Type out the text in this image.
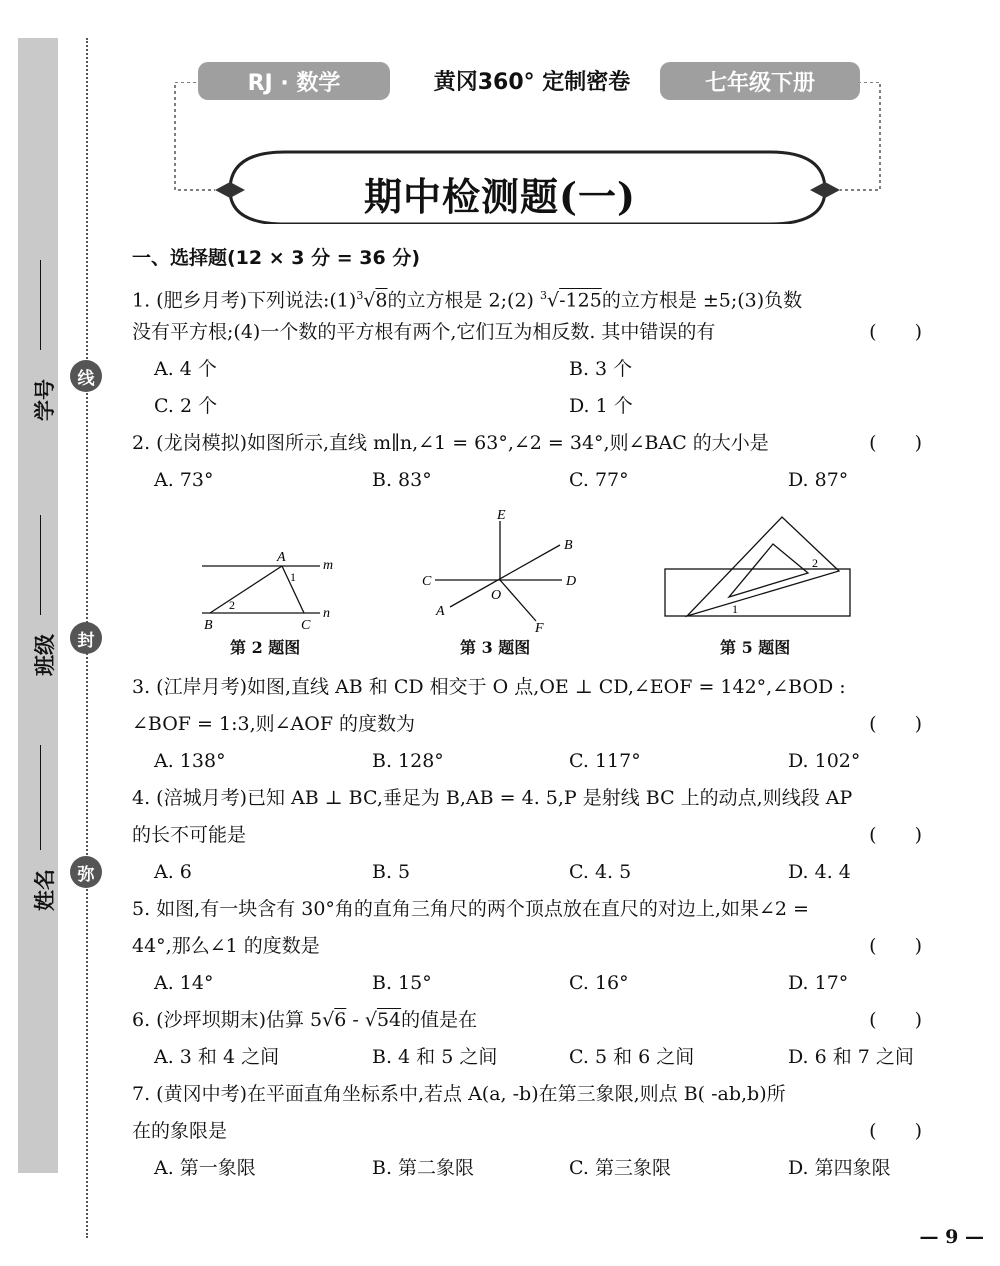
学号
班级
姓名
线
封
弥
RJ · 数学	黄冈360° 定制密卷	七年级下册
期中检测题(一)
一、选择题(12 × 3 分 = 36 分)
1. (肥乡月考)下列说法$:(1)^3√8$的立方根是 2;(2) $^3$√-125的立方根是 ±5;(3)负数
没有平方根;(4)一个数的平方根有两个,它们互为相反数. 其中错误的有	(　　)
A. 4 个	B. 3 个
C. 2 个	D. 1 个
2. (龙岗模拟)如图所示,直线 m∥n,∠1 = 63°,∠2 = 34°,则∠BAC 的大小是	(　　)
A. 73°	B. 83°	C. 77°	D. 87°
A
B	C
m
n
1
2
E
B
C	D
O
A
F
1
2
第 2 题图	第 3 题图	第 5 题图
3. (江岸月考)如图,直线 AB 和 CD 相交于 O 点,OE ⊥ CD,∠EOF = 142°,∠BOD :
∠BOF = 1:3,则∠AOF 的度数为	(　　)
A. 138°	B. 128°	C. 117°	D. 102°
4. (涪城月考)已知 AB ⊥ BC,垂足为 B,AB = 4. 5,P 是射线 BC 上的动点,则线段 AP
的长不可能是	(　　)
A. 6	B. 5	C. 4. 5	D. 4. 4
5. 如图,有一块含有 30°角的直角三角尺的两个顶点放在直尺的对边上,如果∠2 =
44°,那么∠1 的度数是	(　　)
A. 14°	B. 15°	C. 16°	D. 17°
6. (沙坪坝期末)估算 5√6 - √54的值是在	(　　)
A. 3 和 4 之间	B. 4 和 5 之间	C. 5 和 6 之间	D. 6 和 7 之间
7. (黄冈中考)在平面直角坐标系中,若点 A(a, -b)在第三象限,则点 B( -ab,b)所
在的象限是	(　　)
A. 第一象限	B. 第二象限	C. 第三象限	D. 第四象限
— 9 —
